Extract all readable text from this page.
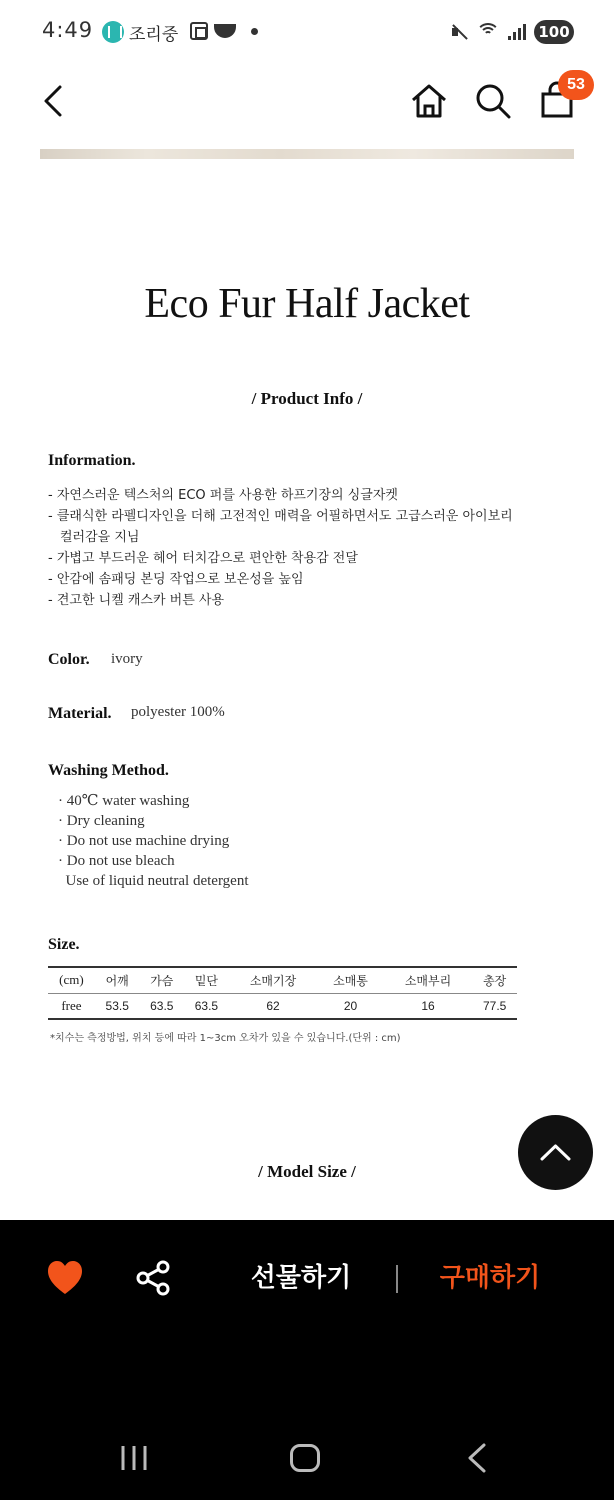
4:49 조리중	100
53
Eco Fur Half Jacket
/ Product Info /
Information.
- 자연스러운 텍스처의 ECO 퍼를 사용한 하프기장의 싱글자켓
- 클래식한 라펠디자인을 더해 고전적인 매력을 어필하면서도 고급스러운 아이보리
컬러감을 지님
- 가볍고 부드러운 헤어 터치감으로 편안한 착용감 전달
- 안감에 솜패딩 본딩 작업으로 보온성을 높임
- 견고한 니켈 캐스카 버튼 사용
Color. ivory
Material. polyester 100%
Washing Method.
· 40℃ water washing
· Dry cleaning
· Do not use machine drying
· Do not use bleach
Use of liquid neutral detergent
Size.
(cm)	어깨	가슴	밑단	소매기장	소매통	소매부리	총장
free	53.5	63.5	63.5	62	20	16	77.5
*치수는 측정방법, 위치 등에 따라 1~3cm 오차가 있을 수 있습니다.(단위 : cm)
/ Model Size /
선물하기	구매하기
